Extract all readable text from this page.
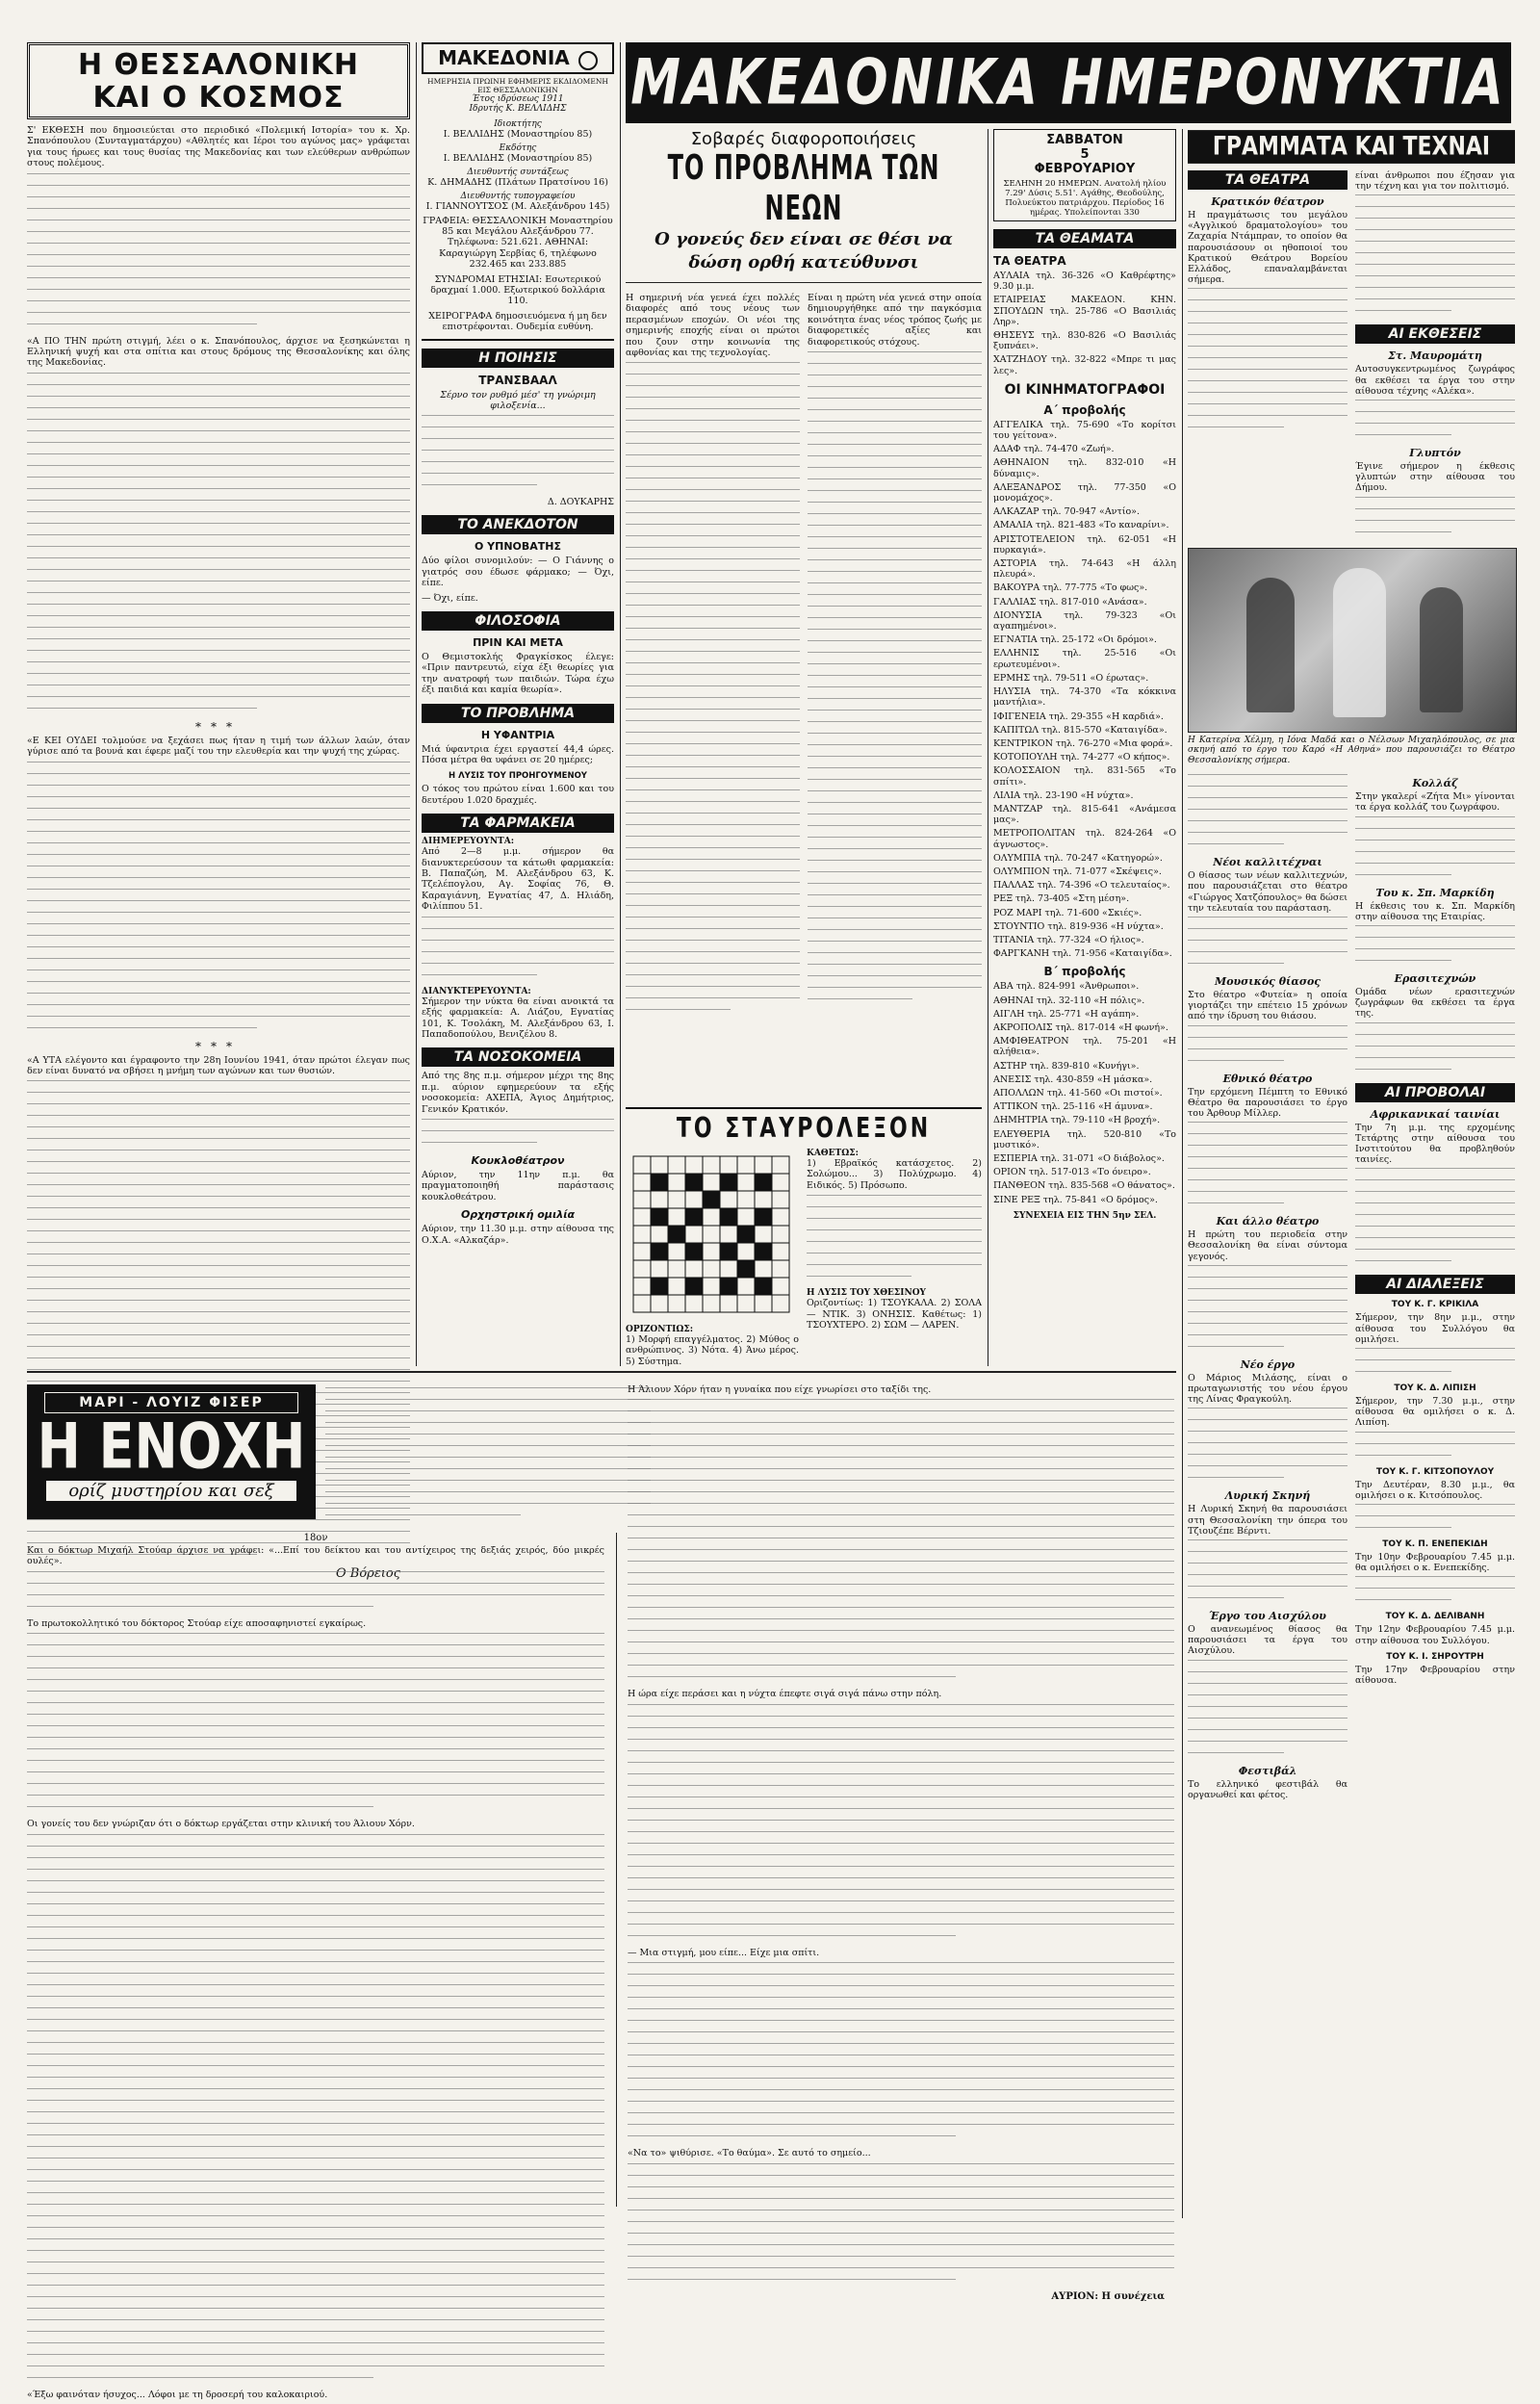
Η ΘΕΣΣΑΛΟΝΙΚΗ
ΚΑΙ Ο ΚΟΣΜΟΣ

Σ' ΕΚΘΕΣΗ που δημοσιεύεται στο περιοδικό «Πολεμική Ιστορία» του κ. Χρ. Σπανόπουλου (Συνταγματάρχου) «Αθλητές και Ιέροι του αγώνος μας» γράφεται για τους ήρωες και τους θυσίας της Μακεδονίας και των ελεύθερων ανθρώπων στους πολέμους.

«Α ΠΟ ΤΗΝ πρώτη στιγμή, λέει ο κ. Σπανόπουλος, άρχισε να ξεσηκώνεται η Ελληνική ψυχή και στα σπίτια και στους δρόμους της Θεσσαλονίκης και όλης της Μακεδονίας.

***

«Ε ΚΕΙ ΟΥΔΕΙ τολμούσε να ξεχάσει πως ήταν η τιμή των άλλων λαών, όταν γύρισε από τα βουνά και έφερε μαζί του την ελευθερία και την ψυχή της χώρας.

***

«Α ΥΤΑ ελέγοντο και έγραφοντο την 28η Ιουνίου 1941, όταν πρώτοι έλεγαν πως δεν είναι δυνατό να σβήσει η μνήμη των αγώνων και των θυσιών.

Ο Βόρειος
ΜΑΚΕΔΟΝΙΑ
ΗΜΕΡΗΣΙΑ ΠΡΩΙΝΗ ΕΦΗΜΕΡΙΣ ΕΚΔΙΔΟΜΕΝΗ ΕΙΣ ΘΕΣΣΑΛΟΝΙΚΗΝ
Έτος ιδρύσεως 1911
Ιδρυτής Κ. ΒΕΛΛΙΔΗΣ
Ιδιοκτήτης
Ι. ΒΕΛΛΙΔΗΣ (Μοναστηρίου 85)
Εκδότης
Ι. ΒΕΛΛΙΔΗΣ (Μοναστηρίου 85)
Διευθυντής συντάξεως
Κ. ΔΗΜΑΔΗΣ (Πλάτων Πρατσίνου 16)
Διευθυντής τυπογραφείου
Ι. ΓΙΑΝΝΟΥΤΣΟΣ (Μ. Αλεξάνδρου 145)

ΓΡΑΦΕΙΑ: ΘΕΣΣΑΛΟΝΙΚΗ Μοναστηρίου 85 και Μεγάλου Αλεξάνδρου 77. Τηλέφωνα: 521.621. ΑΘΗΝΑΙ: Καραγιώργη Σερβίας 6, τηλέφωνο 232.465 και 233.885

ΣΥΝΔΡΟΜΑΙ ΕΤΗΣΙΑΙ: Εσωτερικού δραχμαί 1.000. Εξωτερικού δολλάρια 110.

ΧΕΙΡΟΓΡΑΦΑ δημοσιευόμενα ή μη δεν επιστρέφονται. Ουδεμία ευθύνη.

Η ΠΟΙΗΣΙΣ
ΤΡΑΝΣΒΑΑΛ

Σέρνο τον ρυθμό μέσ' τη γνώριμη φιλοξενία...

Δ. ΔΟΥΚΑΡΗΣ
ΤΟ ΑΝΕΚΔΟΤΟΝ
Ο ΥΠΝΟΒΑΤΗΣ

Δύο φίλοι συνομιλούν: — Ο Γιάννης ο γιατρός σου έδωσε φάρμακο; — Όχι, είπε.

— Όχι, είπε.

ΦΙΛΟΣΟΦΙΑ
ΠΡΙΝ ΚΑΙ ΜΕΤΑ

Ο Θεμιστοκλής Φραγκίσκος έλεγε: «Πριν παντρευτώ, είχα έξι θεωρίες για την ανατροφή των παιδιών. Τώρα έχω έξι παιδιά και καμία θεωρία».

ΤΟ ΠΡΟΒΛΗΜΑ
Η ΥΦΑΝΤΡΙΑ

Μιά ύφαντρια έχει εργαστεί 44,4 ώρες. Πόσα μέτρα θα υφάνει σε 20 ημέρες;

Η ΛΥΣΙΣ ΤΟΥ ΠΡΟΗΓΟΥΜΕΝΟΥ

Ο τόκος του πρώτου είναι 1.600 και του δευτέρου 1.020 δραχμές.

ΤΑ ΦΑΡΜΑΚΕΙΑ
ΔΙΗΜΕΡΕΥΟΥΝΤΑ:

Από 2—8 μ.μ. σήμερον θα διανυκτερεύσουν τα κάτωθι φαρμακεία: Β. Παπαζώη, Μ. Αλεξάνδρου 63, Κ. Τζελέπογλου, Αγ. Σοφίας 76, Θ. Καραγιάννη, Εγνατίας 47, Δ. Ηλιάδη, Φιλίππου 51.

ΔΙΑΝΥΚΤΕΡΕΥΟΥΝΤΑ:

Σήμερον την νύκτα θα είναι ανοικτά τα εξής φαρμακεία: Α. Λιάζου, Εγνατίας 101, Κ. Τσολάκη, Μ. Αλεξάνδρου 63, Ι. Παπαδοπούλου, Βενιζέλου 8.

ΤΑ ΝΟΣΟΚΟΜΕΙΑ

Από της 8ης π.μ. σήμερον μέχρι της 8ης π.μ. αύριον εφημερεύουν τα εξής νοσοκομεία: ΑΧΕΠΑ, Άγιος Δημήτριος, Γενικόν Κρατικόν.

Κουκλοθέατρον

Αύριον, την 11ην π.μ. θα πραγματοποιηθή παράστασις κουκλοθεάτρου.

Ορχηστρική ομιλία

Αύριον, την 11.30 μ.μ. στην αίθουσα της Ο.Χ.Α. «Αλκαζάρ».

ΜΑΚΕΔΟΝΙΚΑ ΗΜΕΡΟΝΥΚΤΙΑ
Σοβαρές διαφοροποιήσεις
ΤΟ ΠΡΟΒΛΗΜΑ ΤΩΝ ΝΕΩΝ
Ο γονεύς δεν είναι σε θέσι να δώση ορθή κατεύθυνσι

Η σημερινή νέα γενεά έχει πολλές διαφορές από τους νέους των περασμένων εποχών. Οι νέοι της σημερινής εποχής είναι οι πρώτοι που ζουν στην κοινωνία της αφθονίας και της τεχνολογίας.

Είναι η πρώτη νέα γενεά στην οποία δημιουργήθηκε από την παγκόσμια κοινότητα ένας νέος τρόπος ζωής με διαφορετικές αξίες και διαφορετικούς στόχους.

ΤΟ ΣΤΑΥΡΟΛΕΞΟΝ
ΟΡΙΖΟΝΤΙΩΣ:

1) Μορφή επαγγέλματος. 2) Μύθος ο ανθρώπινος. 3) Νότα. 4) Άνω μέρος. 5) Σύστημα.

ΚΑΘΕΤΩΣ:

1) Εβραϊκός κατάσχετος. 2) Σολώμου... 3) Πολύχρωμο. 4) Ειδικός. 5) Πρόσωπο.

Η ΛΥΣΙΣ ΤΟΥ ΧΘΕΣΙΝΟΥ

Οριζοντίως: 1) ΤΣΟΥΚΑΛΑ. 2) ΣΟΛΑ — ΝΤΙΚ. 3) ΟΝΗΣΙΣ. Καθέτως: 1) ΤΣΟΥΧΤΕΡΟ. 2) ΣΩΜ — ΛΑΡΕΝ.

ΣΑΒΒΑΤΟΝ
5
ΦΕΒΡΟΥΑΡΙΟΥ
ΣΕΛΗΝΗ 20 ΗΜΕΡΩΝ. Ανατολή ηλίου 7.29' Δύσις 5.51'. Αγάθης, Θεοδούλης, Πολυεύκτου πατριάρχου. Περίοδος 16 ημέρας. Υπολείπονται 330
ΤΑ ΘΕΑΜΑΤΑ
ΤΑ ΘΕΑΤΡΑ

ΑΥΛΑΙΑ τηλ. 36-326 «Ο Καθρέφτης» 9.30 μ.μ.

ΕΤΑΙΡΕΙΑΣ ΜΑΚΕΔΟΝ. ΚΗΝ. ΣΠΟΥΔΩΝ τηλ. 25-786 «Ο Βασιλιάς Ληρ».

ΘΗΣΕΥΣ τηλ. 830-826 «Ο Βασιλιάς ξυπνάει».

ΧΑΤΖΗΔΟΥ τηλ. 32-822 «Μπρε τι μας λες».

ΟΙ ΚΙΝΗΜΑΤΟΓΡΑΦΟΙ
Α΄ προβολής

ΑΓΓΕΛΙΚΑ τηλ. 75-690 «Το κορίτσι του γείτονα».

ΑΔΑΦ τηλ. 74-470 «Ζωή».

ΑΘΗΝΑΙΟΝ τηλ. 832-010 «Η δύναμις».

ΑΛΕΞΑΝΔΡΟΣ τηλ. 77-350 «Ο μονομάχος».

ΑΛΚΑΖΑΡ τηλ. 70-947 «Αντίο».

ΑΜΑΛΙΑ τηλ. 821-483 «Το καναρίνι».

ΑΡΙΣΤΟΤΕΛΕΙΟΝ τηλ. 62-051 «Η πυρκαγιά».

ΑΣΤΟΡΙΑ τηλ. 74-643 «Η άλλη πλευρά».

ΒΑΚΟΥΡΑ τηλ. 77-775 «Το φως».

ΓΑΛΛΙΑΣ τηλ. 817-010 «Ανάσα».

ΔΙΟΝΥΣΙΑ τηλ. 79-323 «Οι αγαπημένοι».

ΕΓΝΑΤΙΑ τηλ. 25-172 «Οι δρόμοι».

ΕΛΛΗΝΙΣ τηλ. 25-516 «Οι ερωτευμένοι».

ΕΡΜΗΣ τηλ. 79-511 «Ο έρωτας».

ΗΛΥΣΙΑ τηλ. 74-370 «Τα κόκκινα μαντήλια».

ΙΦΙΓΕΝΕΙΑ τηλ. 29-355 «Η καρδιά».

ΚΑΠΙΤΩΛ τηλ. 815-570 «Καταιγίδα».

ΚΕΝΤΡΙΚΟΝ τηλ. 76-270 «Μια φορά».

ΚΟΤΟΠΟΥΛΗ τηλ. 74-277 «Ο κήπος».

ΚΟΛΟΣΣΑΙΟΝ τηλ. 831-565 «Το σπίτι».

ΛΙΛΙΑ τηλ. 23-190 «Η νύχτα».

ΜΑΝΤΖΑΡ τηλ. 815-641 «Ανάμεσα μας».

ΜΕΤΡΟΠΟΛΙΤΑΝ τηλ. 824-264 «Ο άγνωστος».

ΟΛΥΜΠΙΑ τηλ. 70-247 «Κατηγορώ».

ΟΛΥΜΠΙΟΝ τηλ. 71-077 «Σκέψεις».

ΠΑΛΛΑΣ τηλ. 74-396 «Ο τελευταίος».

ΡΕΞ τηλ. 73-405 «Στη μέση».

ΡΟΖ ΜΑΡΙ τηλ. 71-600 «Σκιές».

ΣΤΟΥΝΤΙΟ τηλ. 819-936 «Η νύχτα».

ΤΙΤΑΝΙΑ τηλ. 77-324 «Ο ήλιος».

ΦΑΡΓΚΑΝΗ τηλ. 71-956 «Καταιγίδα».

Β΄ προβολής

ΑΒΑ τηλ. 824-991 «Άνθρωποι».

ΑΘΗΝΑΙ τηλ. 32-110 «Η πόλις».

ΑΙΓΛΗ τηλ. 25-771 «Η αγάπη».

ΑΚΡΟΠΟΛΙΣ τηλ. 817-014 «Η φωνή».

ΑΜΦΙΘΕΑΤΡΟΝ τηλ. 75-201 «Η αλήθεια».

ΑΣΤΗΡ τηλ. 839-810 «Κυνήγι».

ΑΝΕΣΙΣ τηλ. 430-859 «Η μάσκα».

ΑΠΟΛΛΩΝ τηλ. 41-560 «Οι πιστοί».

ΑΤΤΙΚΟΝ τηλ. 25-116 «Η άμυνα».

ΔΗΜΗΤΡΙΑ τηλ. 79-110 «Η βροχή».

ΕΛΕΥΘΕΡΙΑ τηλ. 520-810 «Το μυστικό».

ΕΣΠΕΡΙΑ τηλ. 31-071 «Ο διάβολος».

ΟΡΙΟΝ τηλ. 517-013 «Το όνειρο».

ΠΑΝΘΕΟΝ τηλ. 835-568 «Ο θάνατος».

ΣΙΝΕ ΡΕΞ τηλ. 75-841 «Ο δρόμος».

ΣΥΝΕΧΕΙΑ ΕΙΣ ΤΗΝ 5ην ΣΕΛ.
ΓΡΑΜΜΑΤΑ ΚΑΙ ΤΕΧΝΑΙ
ΤΑ ΘΕΑΤΡΑ
Κρατικόν θέατρον

Η πραγμάτωσις του μεγάλου «Αγγλικού δραματολογίου» του Ζαχαρία Ντάμπραν, το οποίον θα παρουσιάσουν οι ηθοποιοί του Κρατικού Θεάτρου Βορείου Ελλάδος, επαναλαμβάνεται σήμερα.

είναι άνθρωποι που έζησαν για την τέχνη και για τον πολιτισμό.

ΑΙ ΕΚΘΕΣΕΙΣ
Στ. Μαυρομάτη

Αυτοσυγκεντρωμένος ζωγράφος θα εκθέσει τα έργα του στην αίθουσα τέχνης «Αλέκα».

Γλυπτόν

Έγινε σήμερον η έκθεσις γλυπτών στην αίθουσα του Δήμου.

Η Κατερίνα Χέλμη, η Ιόνα Μαδά και ο Νέλσων Μιχαηλόπουλος, σε μια σκηνή από το έργο του Καρό «Η Αθηνά» που παρουσιάζει το Θέατρο Θεσσαλονίκης σήμερα.

Νέοι καλλιτέχναι

Ο θίασος των νέων καλλιτεχνών, που παρουσιάζεται στο θέατρο «Γιώργος Χατζόπουλος» θα δώσει την τελευταία του παράσταση.

Μουσικός θίασος

Στο θέατρο «Φυτεία» η οποία γιορτάζει την επέτειο 15 χρόνων από την ίδρυση του θιάσου.

Εθνικό θέατρο

Την ερχόμενη Πέμπτη το Εθνικό Θέατρο θα παρουσιάσει το έργο του Άρθουρ Μίλλερ.

Και άλλο θέατρο

Η πρώτη του περιοδεία στην Θεσσαλονίκη θα είναι σύντομα γεγονός.

Νέο έργο

Ο Μάριος Μιλάσης, είναι ο πρωταγωνιστής του νέου έργου της Λίνας Φραγκούλη.

Λυρική Σκηνή

Η Λυρική Σκηνή θα παρουσιάσει στη Θεσσαλονίκη την όπερα του Τζιουζέπε Βέρντι.

Έργο του Αισχύλου

Ο ανανεωμένος θίασος θα παρουσιάσει τα έργα του Αισχύλου.

Φεστιβάλ

Το ελληνικό φεστιβάλ θα οργανωθεί και φέτος.

Κολλάζ

Στην γκαλερί «Ζήτα Μι» γίνονται τα έργα κολλάζ του ζωγράφου.

Του κ. Σπ. Μαρκίδη

Η έκθεσις του κ. Σπ. Μαρκίδη στην αίθουσα της Εταιρίας.

Ερασιτεχνών

Ομάδα νέων ερασιτεχνών ζωγράφων θα εκθέσει τα έργα της.

ΑΙ ΠΡΟΒΟΛΑΙ
Αφρικανικαί ταινίαι

Την 7η μ.μ. της ερχομένης Τετάρτης στην αίθουσα του Ινστιτούτου θα προβληθούν ταινίες.

ΑΙ ΔΙΑΛΕΞΕΙΣ
ΤΟΥ Κ. Γ. ΚΡΙΚΙΛΑ

Σήμερον, την 8ην μ.μ., στην αίθουσα του Συλλόγου θα ομιλήσει.

ΤΟΥ Κ. Δ. ΛΙΠΙΣΗ

Σήμερον, την 7.30 μ.μ., στην αίθουσα θα ομιλήσει ο κ. Δ. Λιπίση.

ΤΟΥ Κ. Γ. ΚΙΤΣΟΠΟΥΛΟΥ

Την Δευτέραν, 8.30 μ.μ., θα ομιλήσει ο κ. Κιτσόπουλος.

ΤΟΥ Κ. Π. ΕΝΕΠΕΚΙΔΗ

Την 10ην Φεβρουαρίου 7.45 μ.μ. θα ομιλήσει ο κ. Ενεπεκίδης.

ΤΟΥ Κ. Δ. ΔΕΛΙΒΑΝΗ

Την 12ην Φεβρουαρίου 7.45 μ.μ. στην αίθουσα του Συλλόγου.

ΤΟΥ Κ. Ι. ΣΗΡΟΥΤΡΗ

Την 17ην Φεβρουαρίου στην αίθουσα.

ΜΑΡΙ - ΛΟΥΙΖ ΦΙΣΕΡ
Η ΕΝΟΧΗ
ορίζ μυστηρίου και σεξ
18ον

Και ο δόκτωρ Μιχαήλ Στούαρ άρχισε να γράφει: «...Επί του δείκτου και του αντίχειρος της δεξιάς χειρός, δύο μικρές ουλές».

Το πρωτοκολλητικό του δόκτορος Στούαρ είχε αποσαφηνιστεί εγκαίρως.

Οι γονείς του δεν γνώριζαν ότι ο δόκτωρ εργάζεται στην κλινική του Άλιουν Χόρν.

«Έξω φαινόταν ήσυχος... Λόφοι με τη δροσερή του καλοκαιριού.

Η Άλιουν Χόρν ήταν η γυναίκα που είχε γνωρίσει στο ταξίδι της.

Η ώρα είχε περάσει και η νύχτα έπεφτε σιγά σιγά πάνω στην πόλη.

— Μια στιγμή, μου είπε... Είχε μια σπίτι.

«Να το» ψιθύρισε. «Το θαύμα». Σε αυτό το σημείο...

ΑΥΡΙΟΝ: Η συνέχεια
